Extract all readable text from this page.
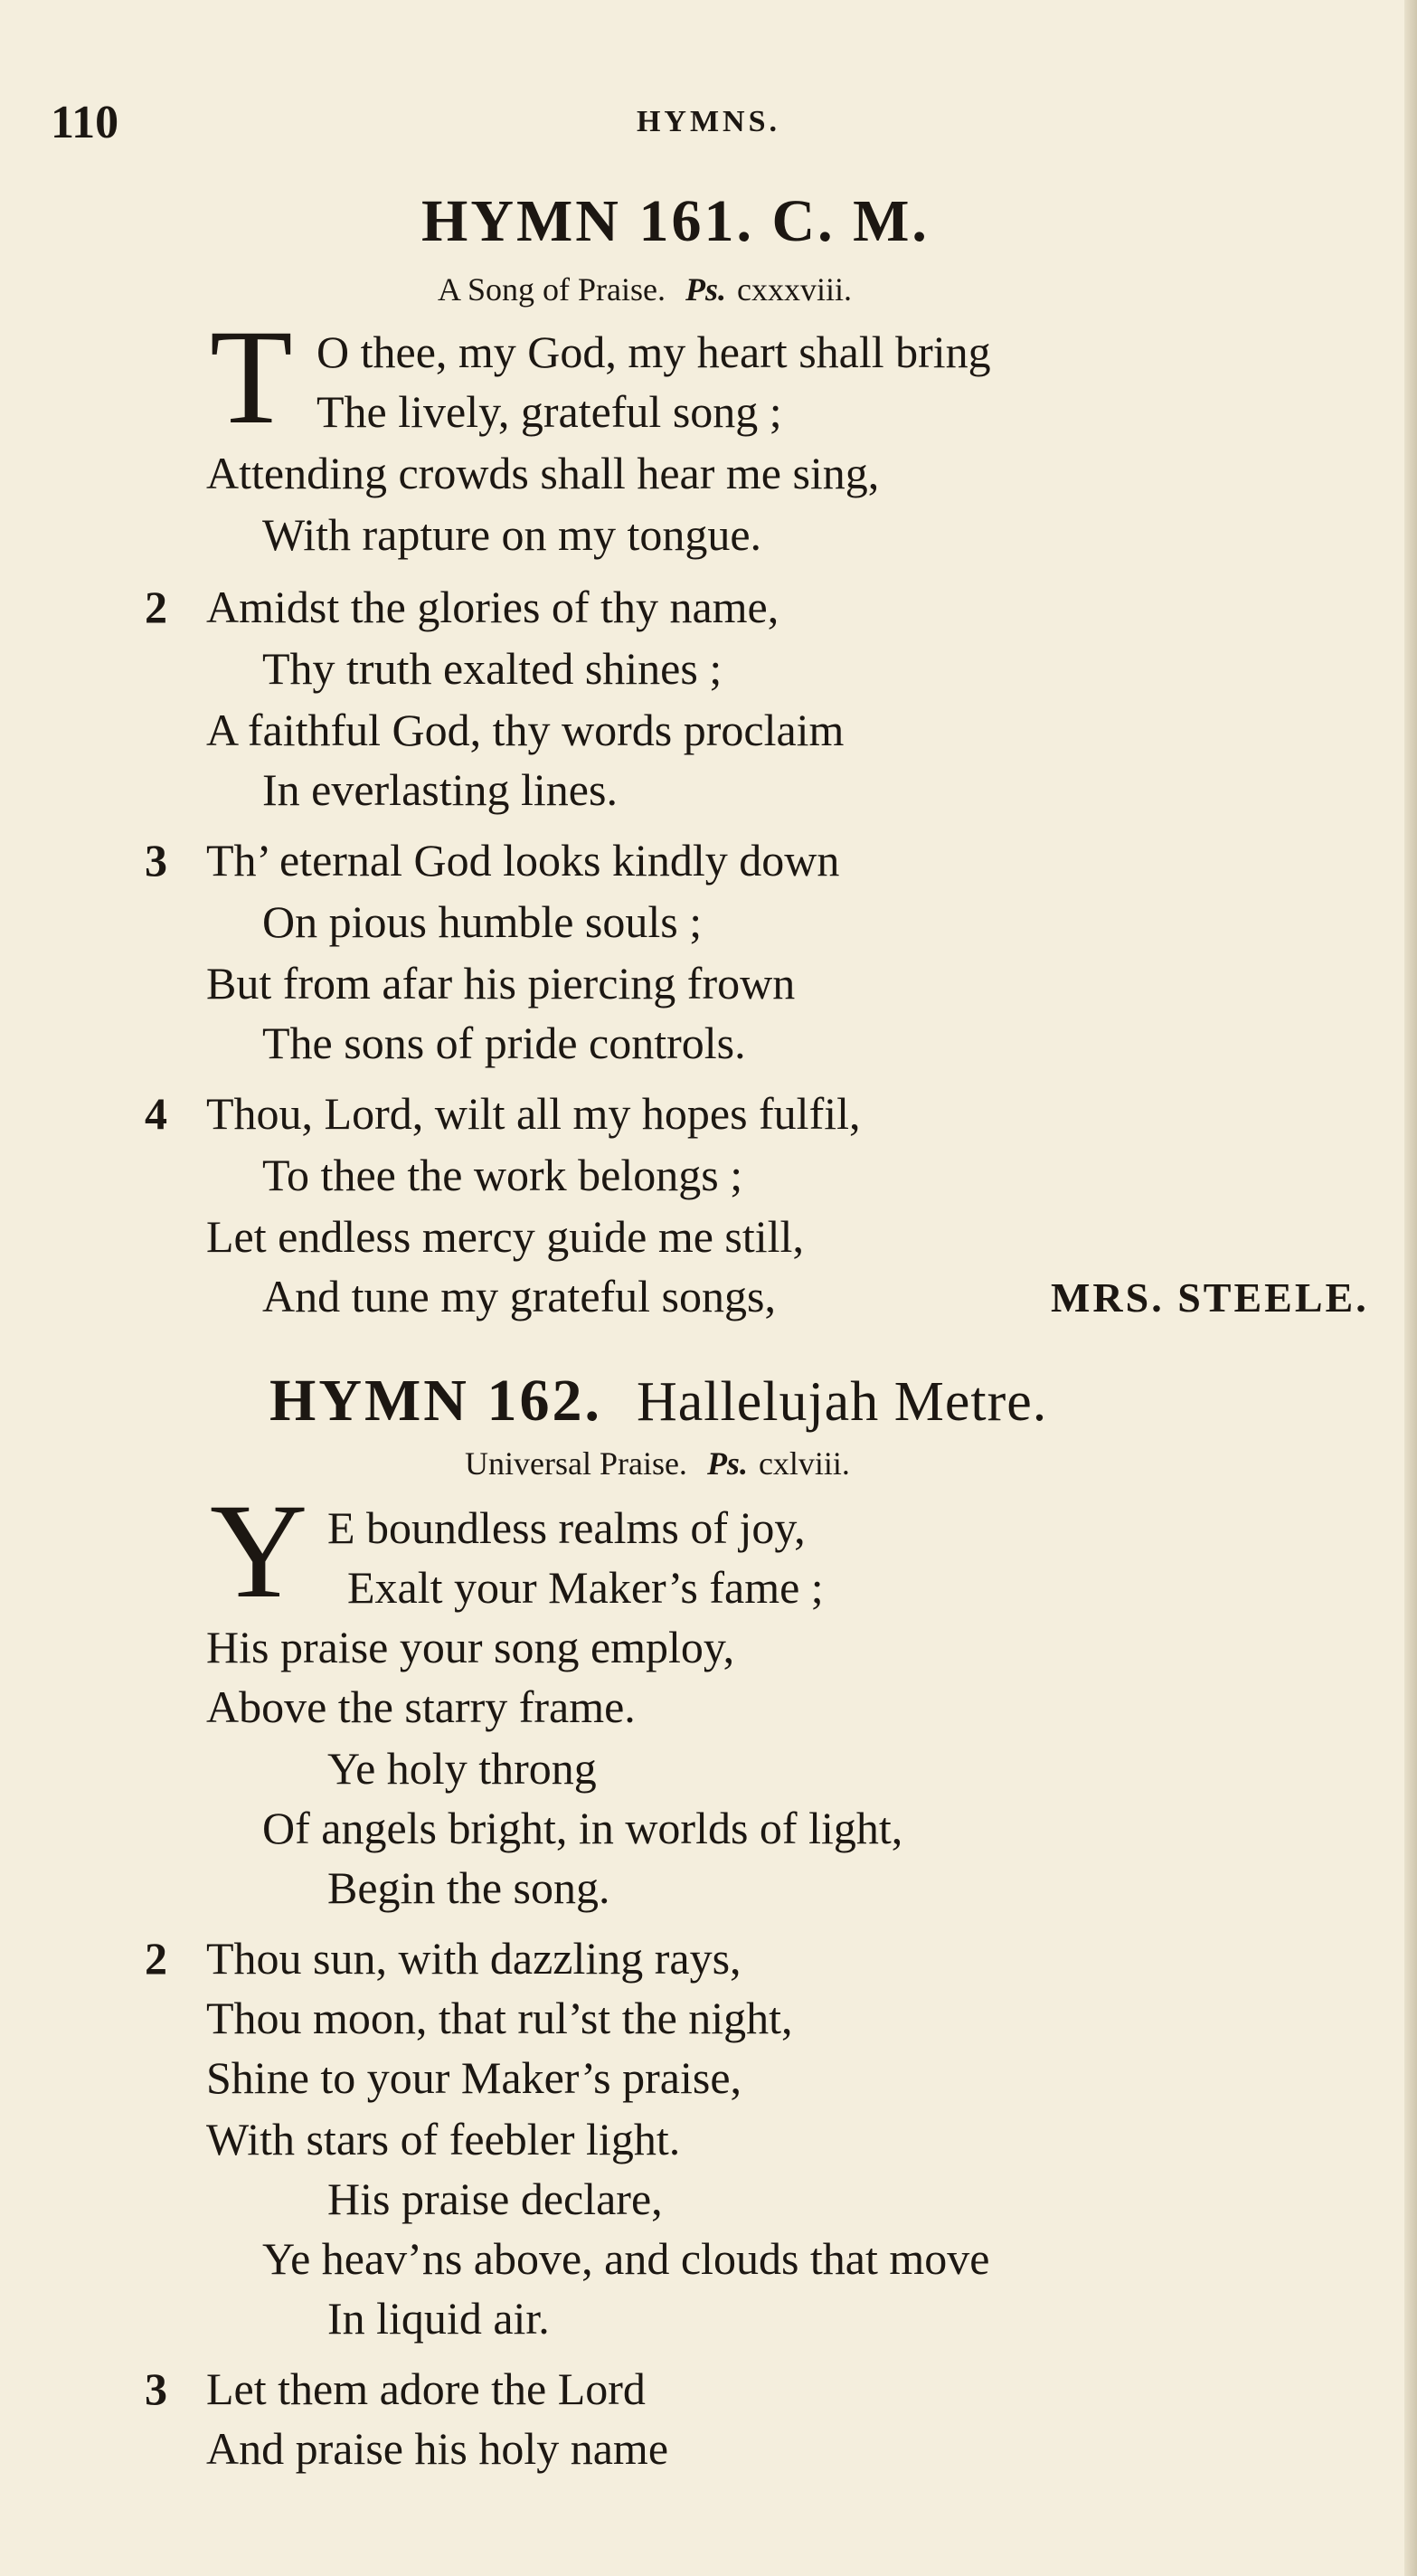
110	HYMNS.
HYMN 161. C. M.
A Song of Praise. Ps. cxxxviii.
T O thee, my God, my heart shall bring
The lively, grateful song ;
Attending crowds shall hear me sing,
With rapture on my tongue.
2 Amidst the glories of thy name,
Thy truth exalted shines ;
A faithful God, thy words proclaim
In everlasting lines.
3 Th’ eternal God looks kindly down
On pious humble souls ;
But from afar his piercing frown
The sons of pride controls.
4 Thou, Lord, wilt all my hopes fulfil,
To thee the work belongs ;
Let endless mercy guide me still,
And tune my grateful songs,	MRS. STEELE.
HYMN 162. Hallelujah Metre.
Universal Praise. Ps. cxlviii.
Y E boundless realms of joy,
Exalt your Maker’s fame ;
His praise your song employ,
Above the starry frame.
Ye holy throng
Of angels bright, in worlds of light,
Begin the song.
2 Thou sun, with dazzling rays,
Thou moon, that rul’st the night,
Shine to your Maker’s praise,
With stars of feebler light.
His praise declare,
Ye heav’ns above, and clouds that move
In liquid air.
3 Let them adore the Lord
And praise his holy name
